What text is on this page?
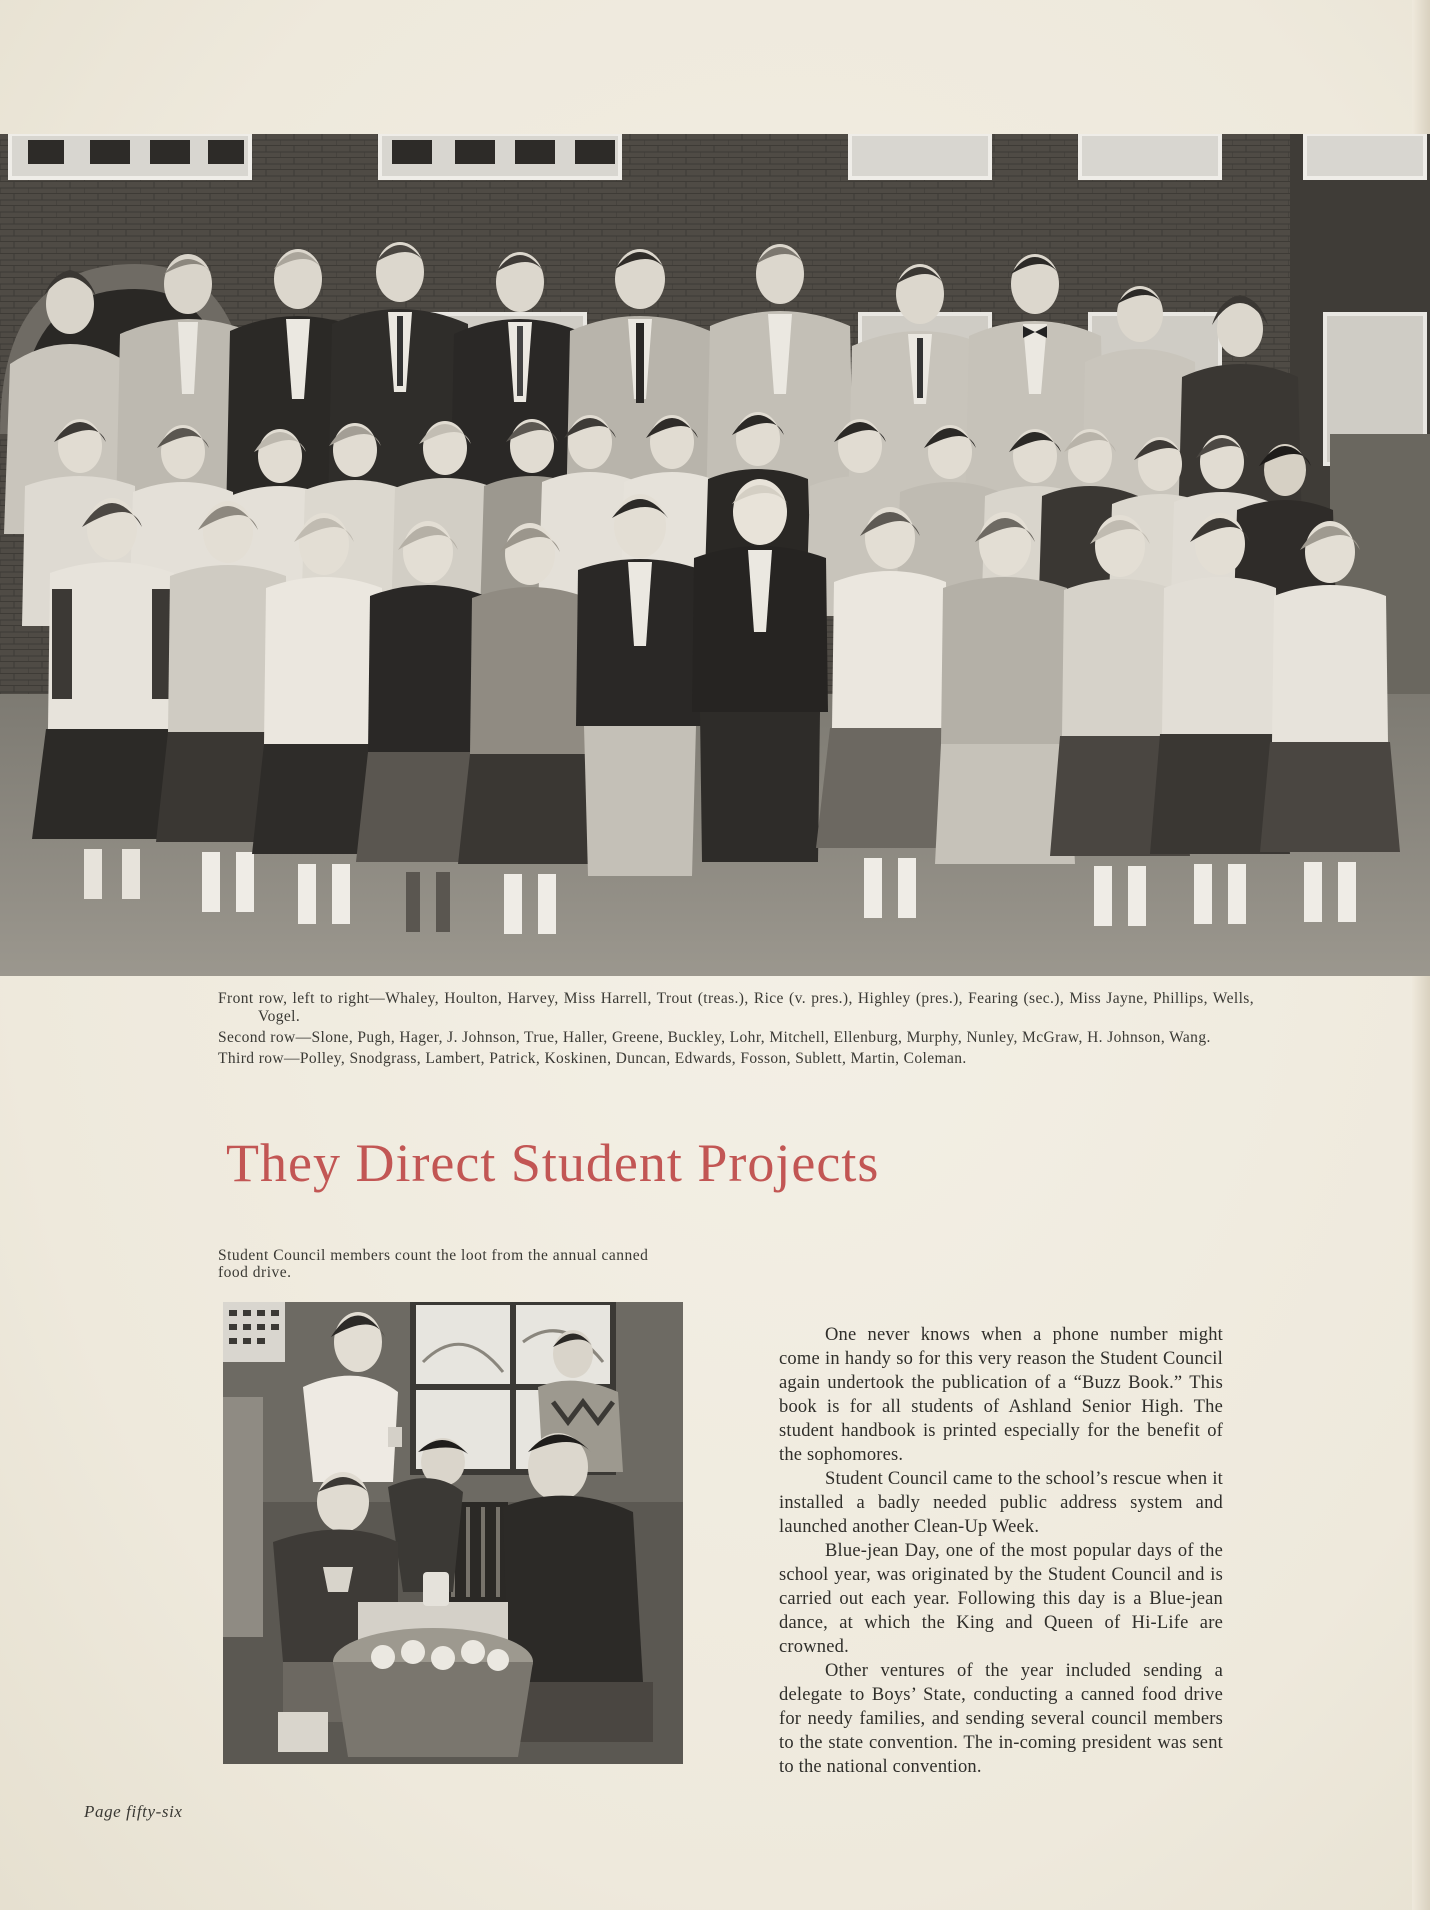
Front row, left to right—Whaley, Houlton, Harvey, Miss Harrell, Trout (treas.), Rice (v. pres.), Highley (pres.), Fearing (sec.), Miss Jayne, Phillips, Wells, Vogel.
Second row—Slone, Pugh, Hager, J. Johnson, True, Haller, Greene, Buckley, Lohr, Mitchell, Ellenburg, Murphy, Nunley, McGraw, H. Johnson, Wang.
Third row—Polley, Snodgrass, Lambert, Patrick, Koskinen, Duncan, Edwards, Fosson, Sublett, Martin, Coleman.
They Direct Student Projects
Student Council members count the loot from the annual canned food drive.

One never knows when a phone number might come in handy so for this very reason the Student Council again undertook the publication of a “Buzz Book.” This book is for all students of Ashland Senior High. The student handbook is printed especially for the benefit of the sophomores.

Student Council came to the school’s rescue when it installed a badly needed public address system and launched another Clean-Up Week.

Blue-jean Day, one of the most popular days of the school year, was originated by the Student Council and is carried out each year. Following this day is a Blue-jean dance, at which the King and Queen of Hi-Life are crowned.

Other ventures of the year included sending a delegate to Boys’ State, conducting a canned food drive for needy families, and sending several council members to the state convention. The in-coming president was sent to the national convention.

Page fifty-six
